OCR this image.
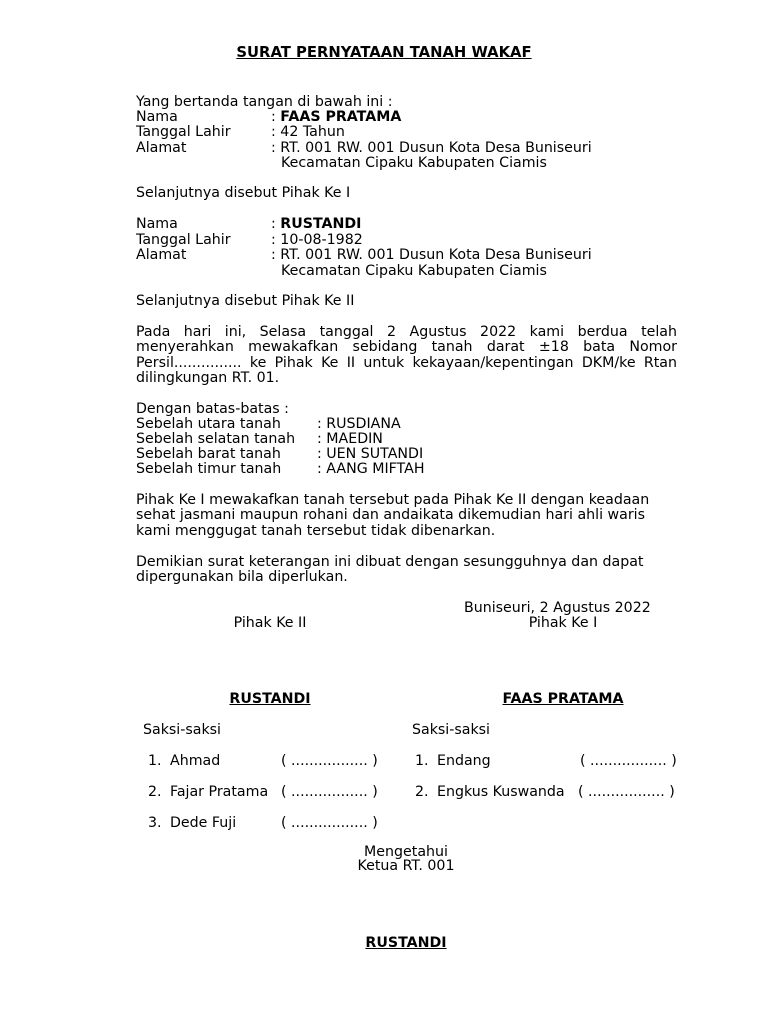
SURAT PERNYATAAN TANAH WAKAF
Yang bertanda tangan di bawah ini :
Nama	: FAAS PRATAMA
Tanggal Lahir	: 42 Tahun
Alamat	: RT. 001 RW. 001 Dusun Kota Desa Buniseuri
Kecamatan Cipaku Kabupaten Ciamis
Selanjutnya disebut Pihak Ke I
Nama	: RUSTANDI
Tanggal Lahir	: 10-08-1982
Alamat	: RT. 001 RW. 001 Dusun Kota Desa Buniseuri
Kecamatan Cipaku Kabupaten Ciamis
Selanjutnya disebut Pihak Ke II
Pada hari ini, Selasa tanggal 2 Agustus 2022 kami berdua telah menyerahkan mewakafkan sebidang tanah darat ±18 bata Nomor Persil............... ke Pihak Ke II untuk kekayaan/kepentingan DKM/ke Rtan dilingkungan RT. 01.
Dengan batas-batas :
Sebelah utara tanah	: RUSDIANA
Sebelah selatan tanah : MAEDIN
Sebelah barat tanah	: UEN SUTANDI
Sebelah timur tanah	: AANG MIFTAH
Pihak Ke I mewakafkan tanah tersebut pada Pihak Ke II dengan keadaan sehat jasmani maupun rohani dan andaikata dikemudian hari ahli waris kami menggugat tanah tersebut tidak dibenarkan.
Demikian surat keterangan ini dibuat dengan sesungguhnya dan dapat dipergunakan bila diperlukan.
Buniseuri, 2 Agustus 2022
Pihak Ke II	Pihak Ke I
RUSTANDI	FAAS PRATAMA
Saksi-saksi
1. Ahmad	( ................. )
2. Fajar Pratama ( ................. )
3. Dede Fuji	( ................. )
Saksi-saksi
1. Endang	( ................. )
2. Engkus Kuswanda ( ................. )
Mengetahui
Ketua RT. 001
RUSTANDI
